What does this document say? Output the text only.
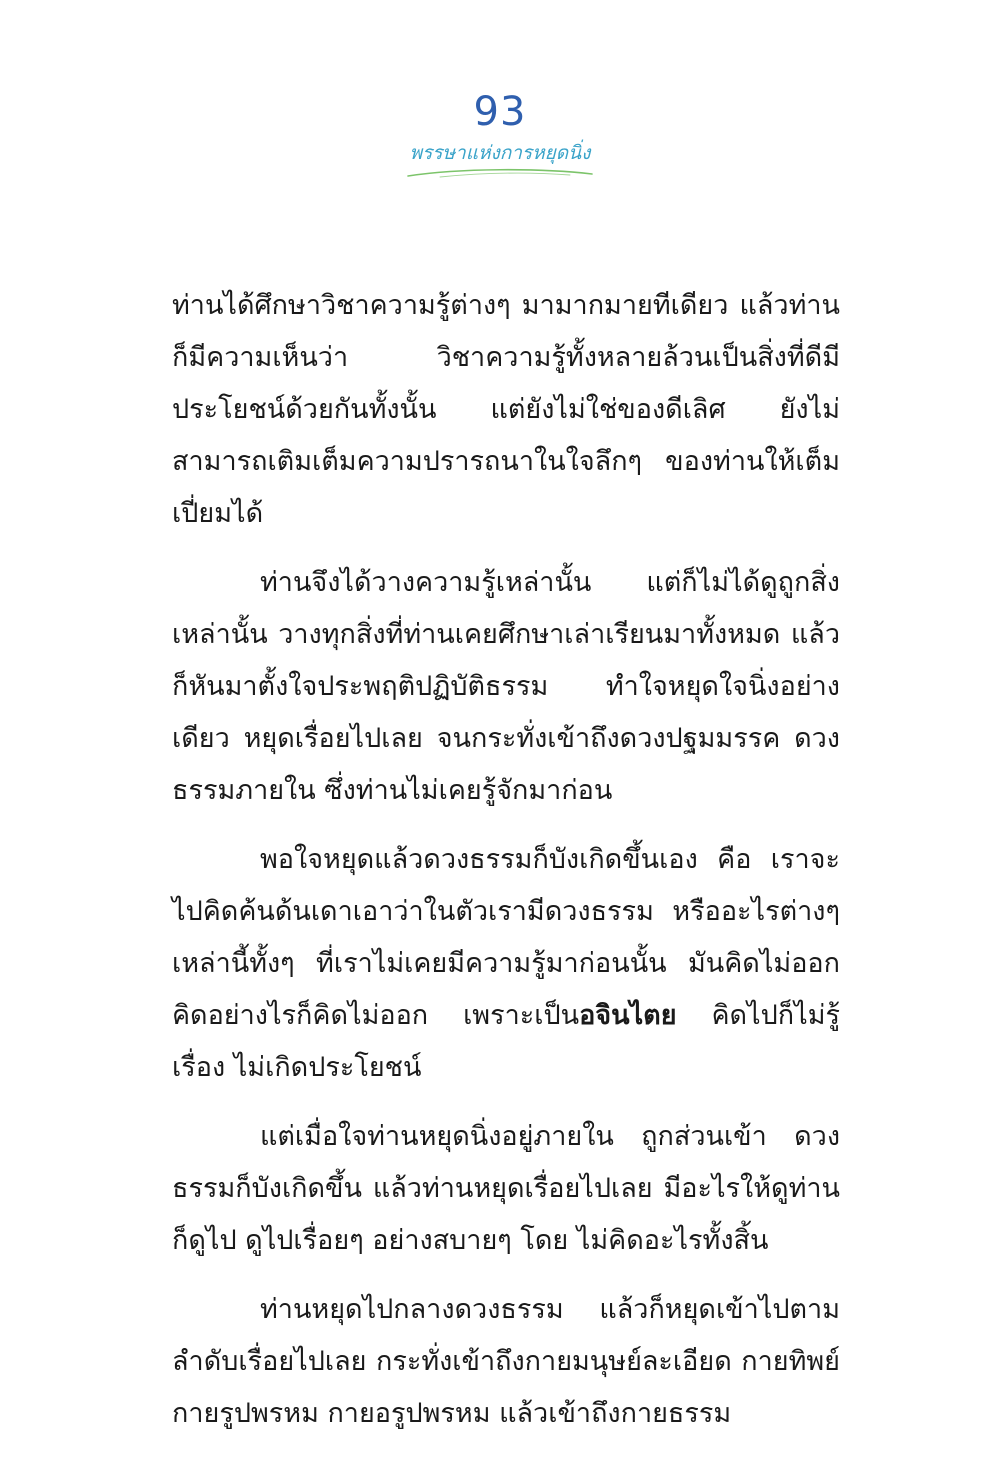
93
พรรษาแห่งการหยุดนิ่ง

ท่านได้ศึกษาวิชาความรู้ต่างๆ มามากมายทีเดียว แล้วท่านก็มีความเห็นว่า วิชาความรู้ทั้งหลายล้วนเป็นสิ่งที่ดีมีประโยชน์ด้วยกันทั้งนั้น แต่ยังไม่ใช่ของดีเลิศ ยังไม่สามารถเติมเต็มความปรารถนาในใจลึกๆ ของท่านให้เต็มเปี่ยมได้

ท่านจึงได้วางความรู้เหล่านั้น แต่ก็ไม่ได้ดูถูกสิ่งเหล่านั้น วางทุกสิ่งที่ท่านเคยศึกษาเล่าเรียนมาทั้งหมด แล้วก็หันมาตั้งใจประพฤติปฏิบัติธรรม ทำใจหยุดใจนิ่งอย่างเดียว หยุดเรื่อยไปเลย จนกระทั่งเข้าถึงดวงปฐมมรรค ดวงธรรมภายใน ซึ่งท่านไม่เคยรู้จักมาก่อน

พอใจหยุดแล้วดวงธรรมก็บังเกิดขึ้นเอง คือ เราจะไปคิดค้นด้นเดาเอาว่าในตัวเรามีดวงธรรม หรืออะไรต่างๆ เหล่านี้ทั้งๆ ที่เราไม่เคยมีความรู้มาก่อนนั้น มันคิดไม่ออก คิดอย่างไรก็คิดไม่ออก เพราะเป็นอจินไตย คิดไปก็ไม่รู้เรื่อง ไม่เกิดประโยชน์

แต่เมื่อใจท่านหยุดนิ่งอยู่ภายใน ถูกส่วนเข้า ดวงธรรมก็บังเกิดขึ้น แล้วท่านหยุดเรื่อยไปเลย มีอะไรให้ดูท่านก็ดูไป ดูไปเรื่อยๆ อย่างสบายๆ โดย ไม่คิดอะไรทั้งสิ้น

ท่านหยุดไปกลางดวงธรรม แล้วก็หยุดเข้าไปตามลำดับเรื่อยไปเลย กระทั่งเข้าถึงกายมนุษย์ละเอียด กายทิพย์ กายรูปพรหม กายอรูปพรหม แล้วเข้าถึงกายธรรม
